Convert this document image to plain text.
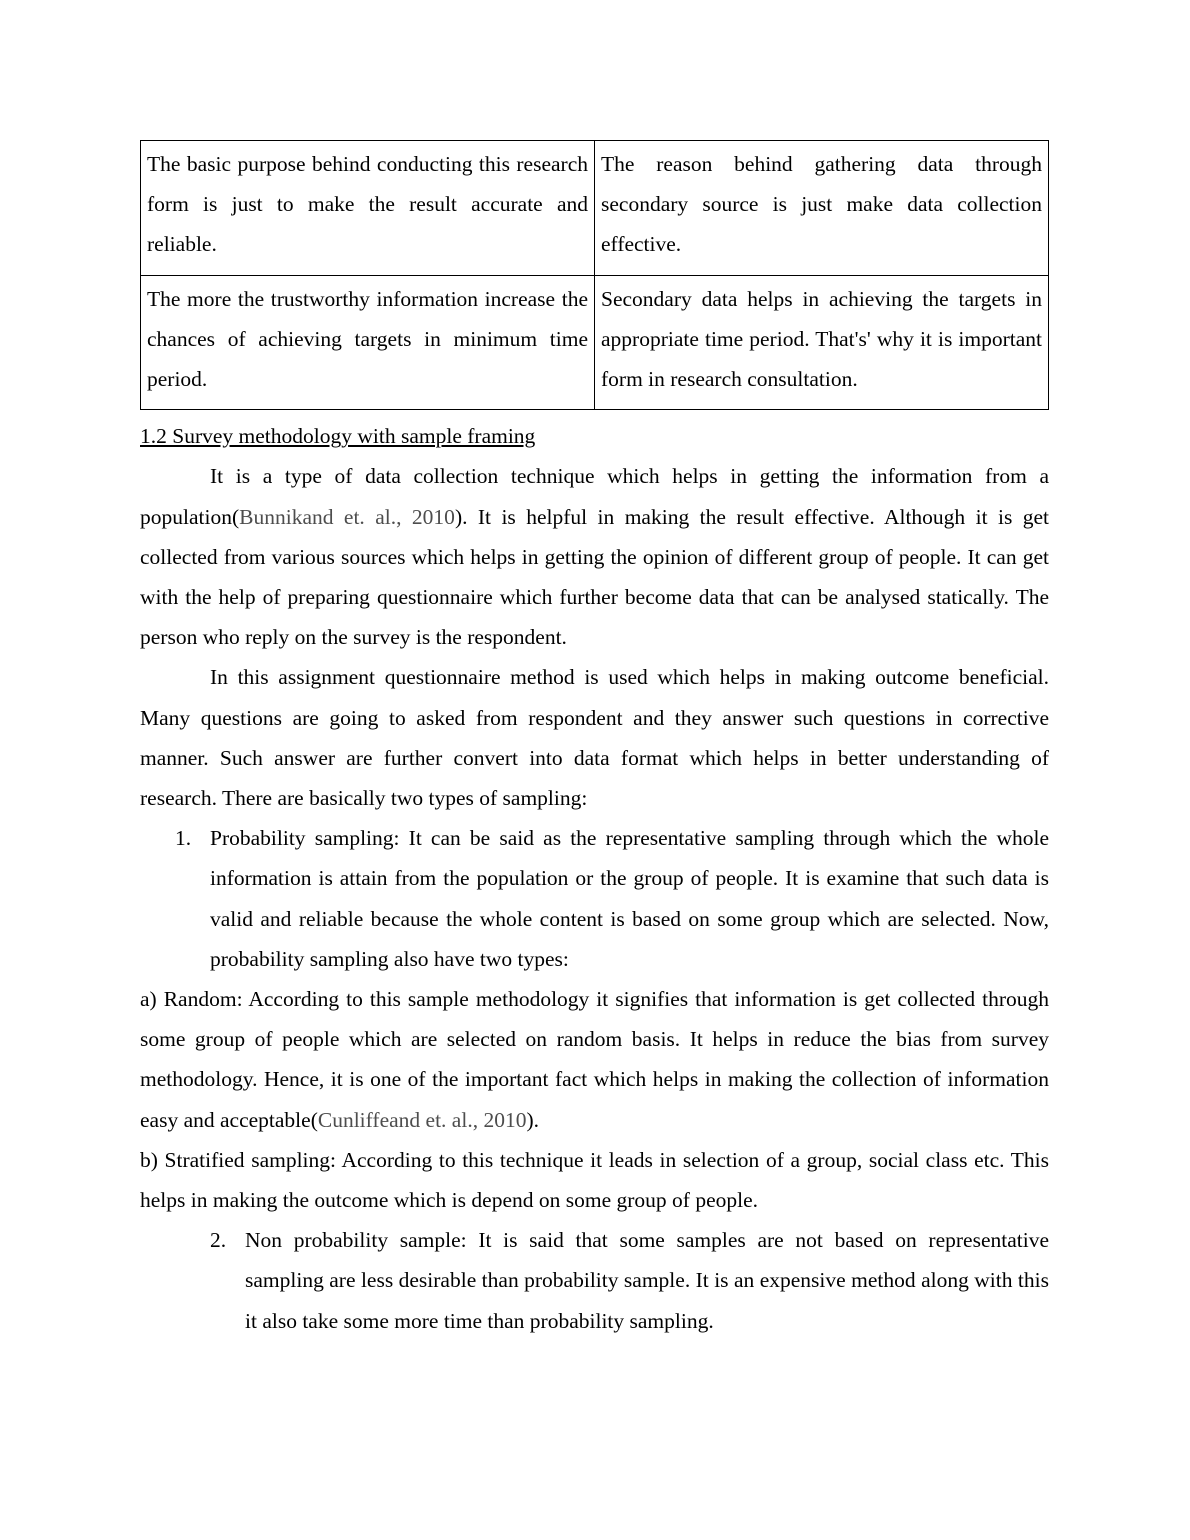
The basic purpose behind conducting this research form is just to make the result accurate and reliable.	The reason behind gathering data through secondary source is just make data collection effective.
The more the trustworthy information increase the chances of achieving targets in minimum time period.	Secondary data helps in achieving the targets in appropriate time period. That's' why it is important form in research consultation.
1.2 Survey methodology with sample framing

It is a type of data collection technique which helps in getting the information from a population(Bunnikand et. al., 2010). It is helpful in making the result effective. Although it is get collected from various sources which helps in getting the opinion of different group of people. It can get with the help of preparing questionnaire which further become data that can be analysed statically. The person who reply on the survey is the respondent.

In this assignment questionnaire method is used which helps in making outcome beneficial. Many questions are going to asked from respondent and they answer such questions in corrective manner. Such answer are further convert into data format which helps in better understanding of research. There are basically two types of sampling:

1. Probability sampling: It can be said as the representative sampling through which the whole information is attain from the population or the group of people. It is examine that such data is valid and reliable because the whole content is based on some group which are selected. Now, probability sampling also have two types:

a) Random: According to this sample methodology it signifies that information is get collected through some group of people which are selected on random basis. It helps in reduce the bias from survey methodology. Hence, it is one of the important fact which helps in making the collection of information easy and acceptable(Cunliffeand et. al., 2010).

b) Stratified sampling: According to this technique it leads in selection of a group, social class etc. This helps in making the outcome which is depend on some group of people.

2. Non probability sample: It is said that some samples are not based on representative sampling are less desirable than probability sample. It is an expensive method along with this it also take some more time than probability sampling.
